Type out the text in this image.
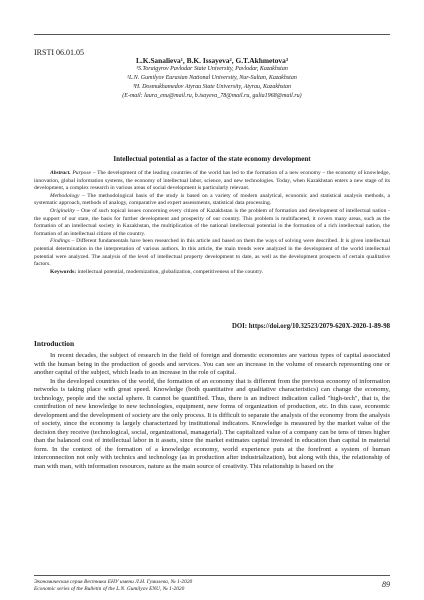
IRSTI 06.01.05
L.K.Sanalieva¹, B.K. Issayeva², G.T.Akhmetova³
¹S.Toraigyrov Pavlodar State University, Pavlodar, Kazakhstan
²L.N. Gumilyov Eurasian National University, Nur-Sultan, Kazakhstan
³H. Dosmukhamedov Atyrau State University, Atyrau, Kazakhstan
(E-mail: laura_enu@mail.ru, b.isayeva_78@mail.ru, gulia1968@mail.ru)
Intellectual potential as a factor of the state economy development

Abstract. Purpose – The development of the leading countries of the world has led to the formation of a new economy – the economy of knowledge, innovation, global information systems, the economy of intellectual labor, science, and new technologies. Today, when Kazakhstan enters a new stage of its development, a complex research in various areas of social development is particularly relevant.

Methodology – The methodological basis of the study is based on a variety of modern analytical, economic and statistical analysis methods, a systematic approach, methods of analogy, comparative and expert assessments, statistical data processing.

Originality – One of such topical issues concerning every citizen of Kazakhstan is the problem of formation and development of intellectual nation - the support of our state, the basis for further development and prosperity of our country. This problem is multifaceted, it covers many areas, such as the formation of an intellectual society in Kazakhstan, the multiplication of the national intellectual potential in the formation of a rich intellectual nation, the formation of an intellectual citizen of the country.

Findings – Different fundamentals have been researched in this article and based on them the ways of solving were described. It is given intellectual potential determination in the interpretation of various authors. In this article, the main trends were analyzed in the development of the world intellectual potential were analyzed. The analysis of the level of intellectual property development to date, as well as the development prospects of certain qualitative factors.

Keywords: intellectual potential, modernization, globalization, competitiveness of the country.

DOI: https://doi.org/10.32523/2079-620X-2020-1-89-98
Introduction

In recent decades, the subject of research in the field of foreign and domestic economies are various types of capital associated with the human being in the production of goods and services. You can see an increase in the volume of research representing one or another capital of the subject, which leads to an increase in the role of capital.

In the developed countries of the world, the formation of an economy that is different from the previous economy of information networks is taking place with great speed. Knowledge (both quantitative and qualitative characteristics) can change the economy, technology, people and the social sphere. It cannot be quantified. Thus, there is an indirect indication called "high-tech", that is, the contribution of new knowledge to new technologies, equipment, new forms of organization of production, etc. In this case, economic development and the development of society are the only process. It is difficult to separate the analysis of the economy from the analysis of society, since the economy is largely characterized by institutional indicators. Knowledge is measured by the market value of the decision they receive (technological, social, organizational, managerial). The capitalized value of a company can be tens of times higher than the balanced cost of intellectual labor in it assets, since the market estimates capital invested in education than capital in material form. In the context of the formation of a knowledge economy, world experience puts at the forefront a system of human interconnection not only with technics and technology (as in production after industrialization), but along with this, the relationship of man with man, with information resources, nature as the main source of creativity. This relationship is based on the

Экономическая серия Вестника ЕНУ имени Л.Н. Гумилева, № 1-2020
Economic series of the Bulletin of the L.N. Gumilyov ENU, № 1-2020	89
